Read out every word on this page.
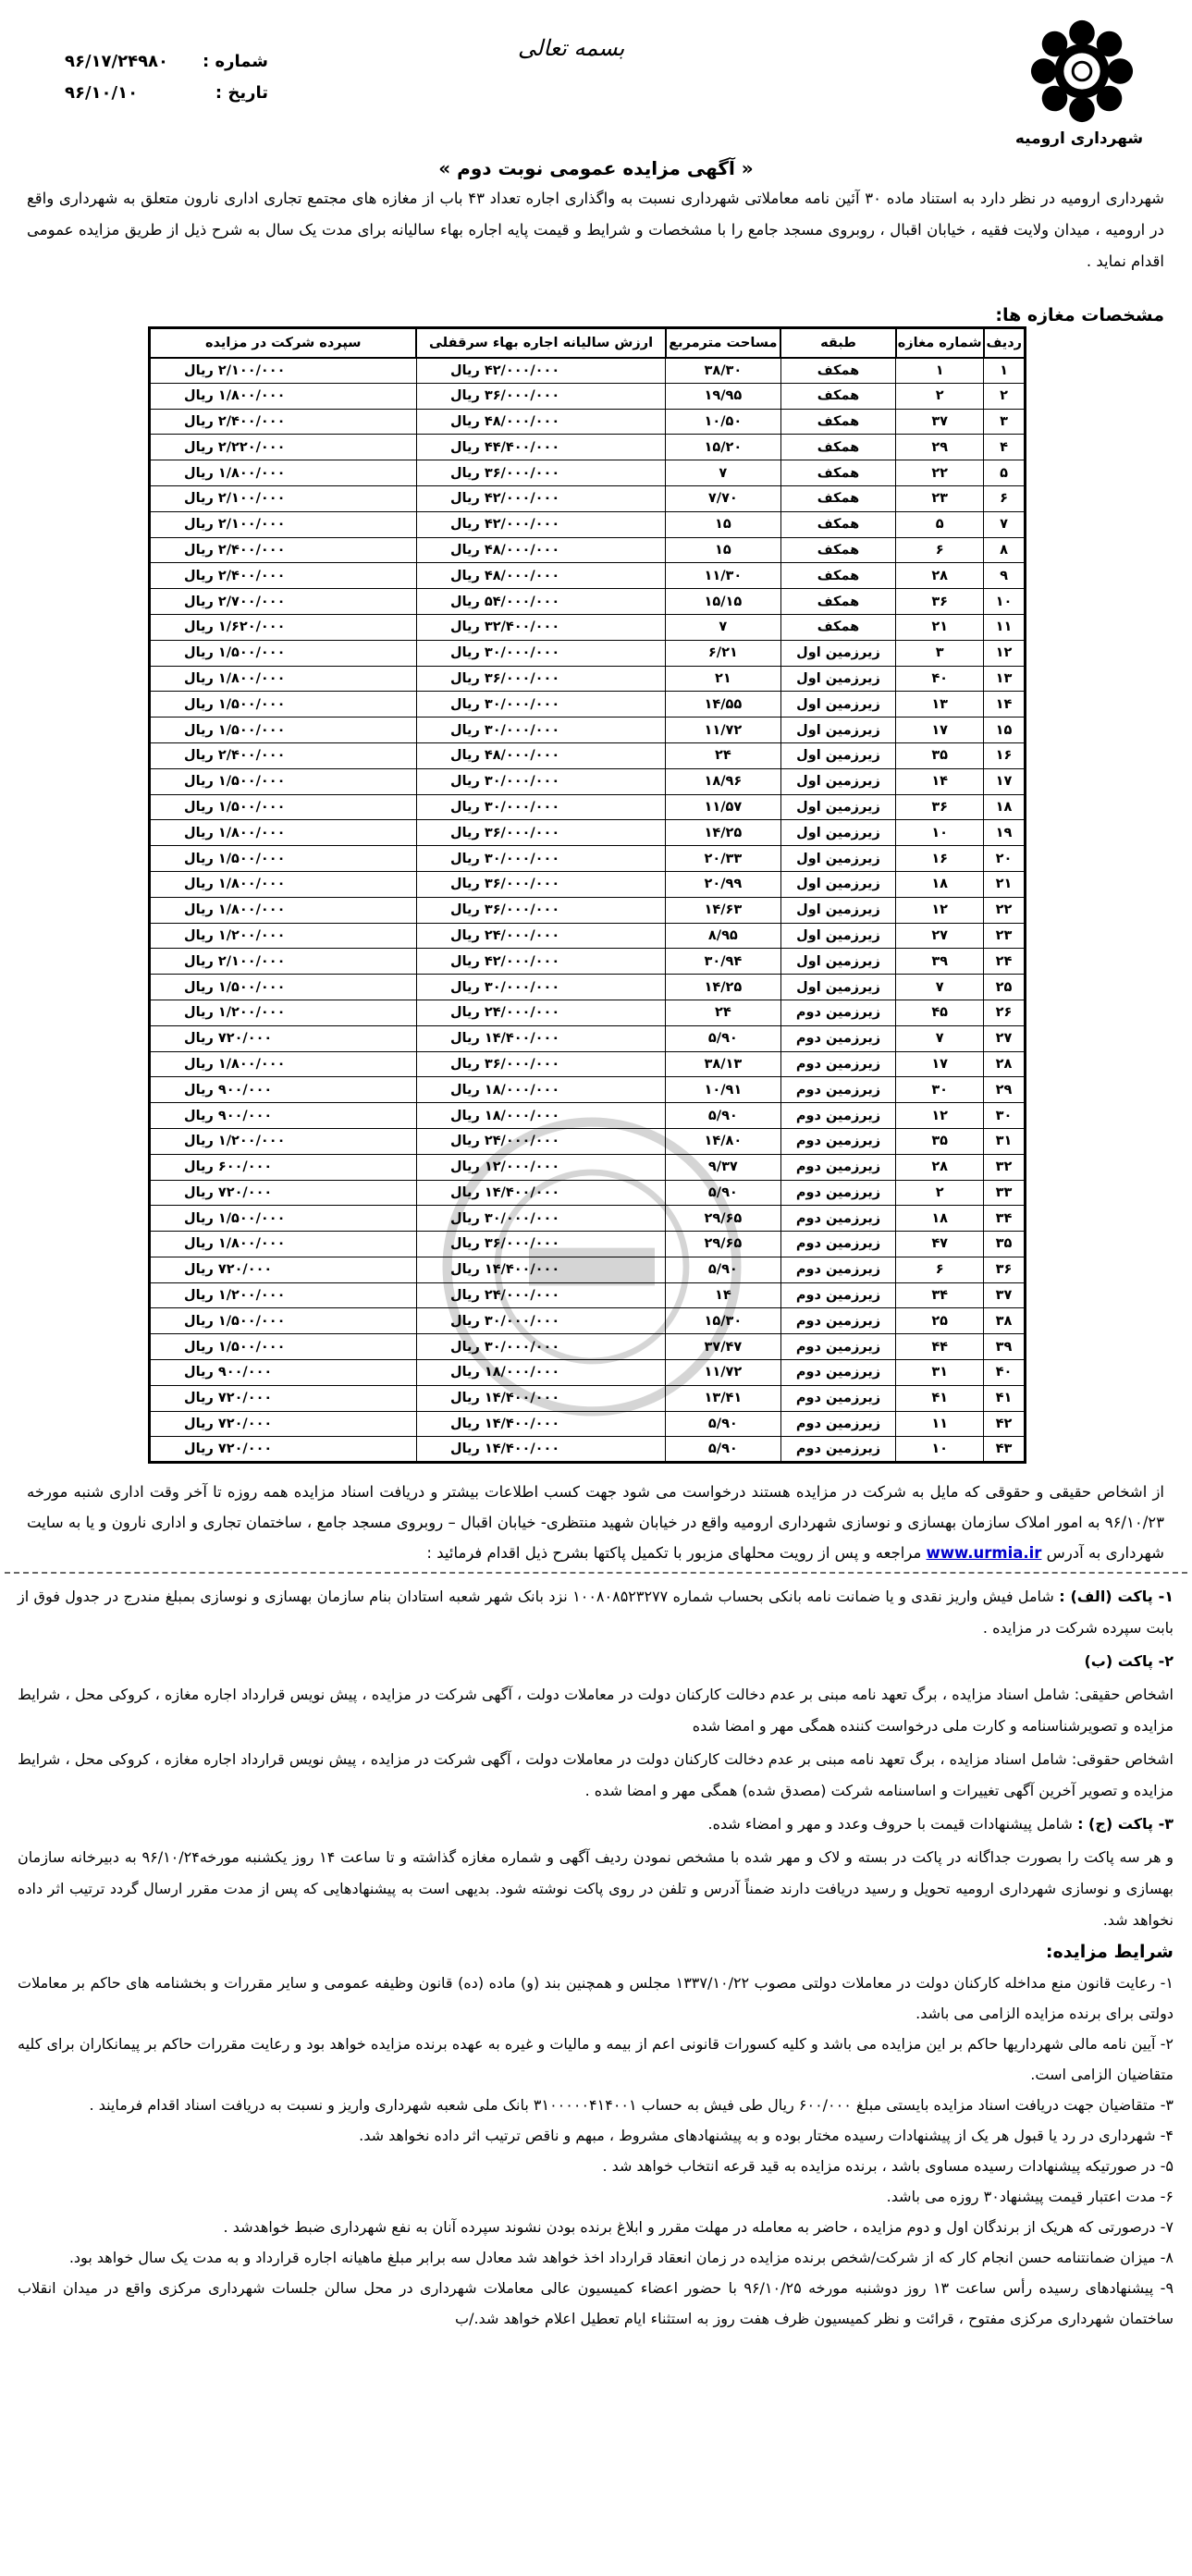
شهرداری ارومیه
بسمه تعالی
شماره :
۹۶/۱۷/۲۴۹۸۰
تاریخ :
۹۶/۱۰/۱۰
« آگهی مزایده عمومی نوبت دوم »

شهرداری ارومیه در نظر دارد به استناد ماده ۳۰ آئین نامه معاملاتی شهرداری نسبت به واگذاری اجاره تعداد ۴۳ باب از مغازه های مجتمع تجاری اداری نارون متعلق به شهرداری واقع در ارومیه ، میدان ولایت فقیه ، خیابان اقبال ، روبروی مسجد جامع را با مشخصات و شرایط و قیمت پایه اجاره بهاء سالیانه برای مدت یک سال به شرح ذیل از طریق مزایده عمومی اقدام نماید .

مشخصات مغازه ها:
ردیف	شماره مغازه	طبقه	مساحت مترمربع	ارزش سالیانه اجاره بهاء سرقفلی	سپرده شرکت در مزایده
۱	۱	همکف	۳۸/۳۰	۴۲/۰۰۰/۰۰۰ ریال	۲/۱۰۰/۰۰۰ ریال
۲	۲	همکف	۱۹/۹۵	۳۶/۰۰۰/۰۰۰ ریال	۱/۸۰۰/۰۰۰ ریال
۳	۳۷	همکف	۱۰/۵۰	۴۸/۰۰۰/۰۰۰ ریال	۲/۴۰۰/۰۰۰ ریال
۴	۲۹	همکف	۱۵/۲۰	۴۴/۴۰۰/۰۰۰ ریال	۲/۲۲۰/۰۰۰ ریال
۵	۲۲	همکف	۷	۳۶/۰۰۰/۰۰۰ ریال	۱/۸۰۰/۰۰۰ ریال
۶	۲۳	همکف	۷/۷۰	۴۲/۰۰۰/۰۰۰ ریال	۲/۱۰۰/۰۰۰ ریال
۷	۵	همکف	۱۵	۴۲/۰۰۰/۰۰۰ ریال	۲/۱۰۰/۰۰۰ ریال
۸	۶	همکف	۱۵	۴۸/۰۰۰/۰۰۰ ریال	۲/۴۰۰/۰۰۰ ریال
۹	۲۸	همکف	۱۱/۳۰	۴۸/۰۰۰/۰۰۰ ریال	۲/۴۰۰/۰۰۰ ریال
۱۰	۳۶	همکف	۱۵/۱۵	۵۴/۰۰۰/۰۰۰ ریال	۲/۷۰۰/۰۰۰ ریال
۱۱	۲۱	همکف	۷	۳۲/۴۰۰/۰۰۰ ریال	۱/۶۲۰/۰۰۰ ریال
۱۲	۳	زیرزمین اول	۶/۲۱	۳۰/۰۰۰/۰۰۰ ریال	۱/۵۰۰/۰۰۰ ریال
۱۳	۴۰	زیرزمین اول	۲۱	۳۶/۰۰۰/۰۰۰ ریال	۱/۸۰۰/۰۰۰ ریال
۱۴	۱۳	زیرزمین اول	۱۴/۵۵	۳۰/۰۰۰/۰۰۰ ریال	۱/۵۰۰/۰۰۰ ریال
۱۵	۱۷	زیرزمین اول	۱۱/۷۲	۳۰/۰۰۰/۰۰۰ ریال	۱/۵۰۰/۰۰۰ ریال
۱۶	۳۵	زیرزمین اول	۲۴	۴۸/۰۰۰/۰۰۰ ریال	۲/۴۰۰/۰۰۰ ریال
۱۷	۱۴	زیرزمین اول	۱۸/۹۶	۳۰/۰۰۰/۰۰۰ ریال	۱/۵۰۰/۰۰۰ ریال
۱۸	۳۶	زیرزمین اول	۱۱/۵۷	۳۰/۰۰۰/۰۰۰ ریال	۱/۵۰۰/۰۰۰ ریال
۱۹	۱۰	زیرزمین اول	۱۴/۲۵	۳۶/۰۰۰/۰۰۰ ریال	۱/۸۰۰/۰۰۰ ریال
۲۰	۱۶	زیرزمین اول	۲۰/۳۳	۳۰/۰۰۰/۰۰۰ ریال	۱/۵۰۰/۰۰۰ ریال
۲۱	۱۸	زیرزمین اول	۲۰/۹۹	۳۶/۰۰۰/۰۰۰ ریال	۱/۸۰۰/۰۰۰ ریال
۲۲	۱۲	زیرزمین اول	۱۴/۶۳	۳۶/۰۰۰/۰۰۰ ریال	۱/۸۰۰/۰۰۰ ریال
۲۳	۲۷	زیرزمین اول	۸/۹۵	۲۴/۰۰۰/۰۰۰ ریال	۱/۲۰۰/۰۰۰ ریال
۲۴	۳۹	زیرزمین اول	۳۰/۹۴	۴۲/۰۰۰/۰۰۰ ریال	۲/۱۰۰/۰۰۰ ریال
۲۵	۷	زیرزمین اول	۱۴/۲۵	۳۰/۰۰۰/۰۰۰ ریال	۱/۵۰۰/۰۰۰ ریال
۲۶	۴۵	زیرزمین دوم	۲۴	۲۴/۰۰۰/۰۰۰ ریال	۱/۲۰۰/۰۰۰ ریال
۲۷	۷	زیرزمین دوم	۵/۹۰	۱۴/۴۰۰/۰۰۰ ریال	۷۲۰/۰۰۰ ریال
۲۸	۱۷	زیرزمین دوم	۳۸/۱۳	۳۶/۰۰۰/۰۰۰ ریال	۱/۸۰۰/۰۰۰ ریال
۲۹	۳۰	زیرزمین دوم	۱۰/۹۱	۱۸/۰۰۰/۰۰۰ ریال	۹۰۰/۰۰۰ ریال
۳۰	۱۲	زیرزمین دوم	۵/۹۰	۱۸/۰۰۰/۰۰۰ ریال	۹۰۰/۰۰۰ ریال
۳۱	۳۵	زیرزمین دوم	۱۴/۸۰	۲۴/۰۰۰/۰۰۰ ریال	۱/۲۰۰/۰۰۰ ریال
۳۲	۲۸	زیرزمین دوم	۹/۳۷	۱۲/۰۰۰/۰۰۰ ریال	۶۰۰/۰۰۰ ریال
۳۳	۲	زیرزمین دوم	۵/۹۰	۱۴/۴۰۰/۰۰۰ ریال	۷۲۰/۰۰۰ ریال
۳۴	۱۸	زیرزمین دوم	۲۹/۶۵	۳۰/۰۰۰/۰۰۰ ریال	۱/۵۰۰/۰۰۰ ریال
۳۵	۴۷	زیرزمین دوم	۲۹/۶۵	۳۶/۰۰۰/۰۰۰ ریال	۱/۸۰۰/۰۰۰ ریال
۳۶	۶	زیرزمین دوم	۵/۹۰	۱۴/۴۰۰/۰۰۰ ریال	۷۲۰/۰۰۰ ریال
۳۷	۳۴	زیرزمین دوم	۱۴	۲۴/۰۰۰/۰۰۰ ریال	۱/۲۰۰/۰۰۰ ریال
۳۸	۲۵	زیرزمین دوم	۱۵/۳۰	۳۰/۰۰۰/۰۰۰ ریال	۱/۵۰۰/۰۰۰ ریال
۳۹	۴۴	زیرزمین دوم	۳۷/۴۷	۳۰/۰۰۰/۰۰۰ ریال	۱/۵۰۰/۰۰۰ ریال
۴۰	۳۱	زیرزمین دوم	۱۱/۷۲	۱۸/۰۰۰/۰۰۰ ریال	۹۰۰/۰۰۰ ریال
۴۱	۴۱	زیرزمین دوم	۱۳/۴۱	۱۴/۴۰۰/۰۰۰ ریال	۷۲۰/۰۰۰ ریال
۴۲	۱۱	زیرزمین دوم	۵/۹۰	۱۴/۴۰۰/۰۰۰ ریال	۷۲۰/۰۰۰ ریال
۴۳	۱۰	زیرزمین دوم	۵/۹۰	۱۴/۴۰۰/۰۰۰ ریال	۷۲۰/۰۰۰ ریال

از اشخاص حقیقی و حقوقی که مایل به شرکت در مزایده هستند درخواست می شود جهت کسب اطلاعات بیشتر و دریافت اسناد مزایده همه روزه تا آخر وقت اداری شنبه مورخه ۹۶/۱۰/۲۳ به امور املاک سازمان بهسازی و نوسازی شهرداری ارومیه واقع در خیابان شهید منتظری- خیابان اقبال – روبروی مسجد جامع ، ساختمان تجاری و اداری نارون و یا به سایت شهرداری به آدرس www.urmia.ir مراجعه و پس از رویت محلهای مزبور با تکمیل پاکتها بشرح ذیل اقدام فرمائید :

۱- پاکت (الف) : شامل فیش واریز نقدی و یا ضمانت نامه بانکی بحساب شماره ۱۰۰۸۰۸۵۲۳۲۷۷ نزد بانک شهر شعبه استادان بنام سازمان بهسازی و نوسازی بمبلغ مندرج در جدول فوق از بابت سپرده شرکت در مزایده .

۲- پاکت (ب)

اشخاص حقیقی: شامل اسناد مزایده ، برگ تعهد نامه مبنی بر عدم دخالت کارکنان دولت در معاملات دولت ، آگهی شرکت در مزایده ، پیش نویس قرارداد اجاره مغازه ، کروکی محل ، شرایط مزایده و تصویرشناسنامه و کارت ملی درخواست کننده همگی مهر و امضا شده

اشخاص حقوقی: شامل اسناد مزایده ، برگ تعهد نامه مبنی بر عدم دخالت کارکنان دولت در معاملات دولت ، آگهی شرکت در مزایده ، پیش نویس قرارداد اجاره مغازه ، کروکی محل ، شرایط مزایده و تصویر آخرین آگهی تغییرات و اساسنامه شرکت (مصدق شده) همگی مهر و امضا شده .

۳- پاکت (ج) : شامل پیشنهادات قیمت با حروف وعدد و مهر و امضاء شده.

و هر سه پاکت را بصورت جداگانه در پاکت در بسته و لاک و مهر شده با مشخص نمودن ردیف آگهی و شماره مغازه گذاشته و تا ساعت ۱۴ روز یکشنبه مورخه۹۶/۱۰/۲۴ به دبیرخانه سازمان بهسازی و نوسازی شهرداری ارومیه تحویل و رسید دریافت دارند ضمناً آدرس و تلفن در روی پاکت نوشته شود. بدیهی است به پیشنهادهایی که پس از مدت مقرر ارسال گردد ترتیب اثر داده نخواهد شد.

شرایط مزایده:

۱- رعایت قانون منع مداخله کارکنان دولت در معاملات دولتی مصوب ۱۳۳۷/۱۰/۲۲ مجلس و همچنین بند (و) ماده (ده) قانون وظیفه عمومی و سایر مقررات و بخشنامه های حاکم بر معاملات دولتی برای برنده مزایده الزامی می باشد.

۲- آیین نامه مالی شهرداریها حاکم بر این مزایده می باشد و کلیه کسورات قانونی اعم از بیمه و مالیات و غیره به عهده برنده مزایده خواهد بود و رعایت مقررات حاکم بر پیمانکاران برای کلیه متقاضیان الزامی است.

۳- متقاضیان جهت دریافت اسناد مزایده بایستی مبلغ ۶۰۰/۰۰۰ ریال طی فیش به حساب ۳۱۰۰۰۰۰۴۱۴۰۰۱ بانک ملی شعبه شهرداری واریز و نسبت به دریافت اسناد اقدام فرمایند .

۴- شهرداری در رد یا قبول هر یک از پیشنهادات رسیده مختار بوده و به پیشنهادهای مشروط ، مبهم و ناقص ترتیب اثر داده نخواهد شد.

۵- در صورتیکه پیشنهادات رسیده مساوی باشد ، برنده مزایده به قید قرعه انتخاب خواهد شد .

۶- مدت اعتبار قیمت پیشنهاد۳۰ روزه می باشد.

۷- درصورتی که هریک از برندگان اول و دوم مزایده ، حاضر به معامله در مهلت مقرر و ابلاغ برنده بودن نشوند سپرده آنان به نفع شهرداری ضبط خواهدشد .

۸- میزان ضمانتنامه حسن انجام کار که از شرکت/شخص برنده مزایده در زمان انعقاد قرارداد اخذ خواهد شد معادل سه برابر مبلغ ماهیانه اجاره قرارداد و به مدت یک سال خواهد بود.

۹- پیشنهادهای رسیده رأس ساعت ۱۳ روز دوشنبه مورخه ۹۶/۱۰/۲۵ با حضور اعضاء کمیسیون عالی معاملات شهرداری در محل سالن جلسات شهرداری مرکزی واقع در میدان انقلاب ساختمان شهرداری مرکزی مفتوح ، قرائت و نظر کمیسیون ظرف هفت روز به استثناء ایام تعطیل اعلام خواهد شد./ب
